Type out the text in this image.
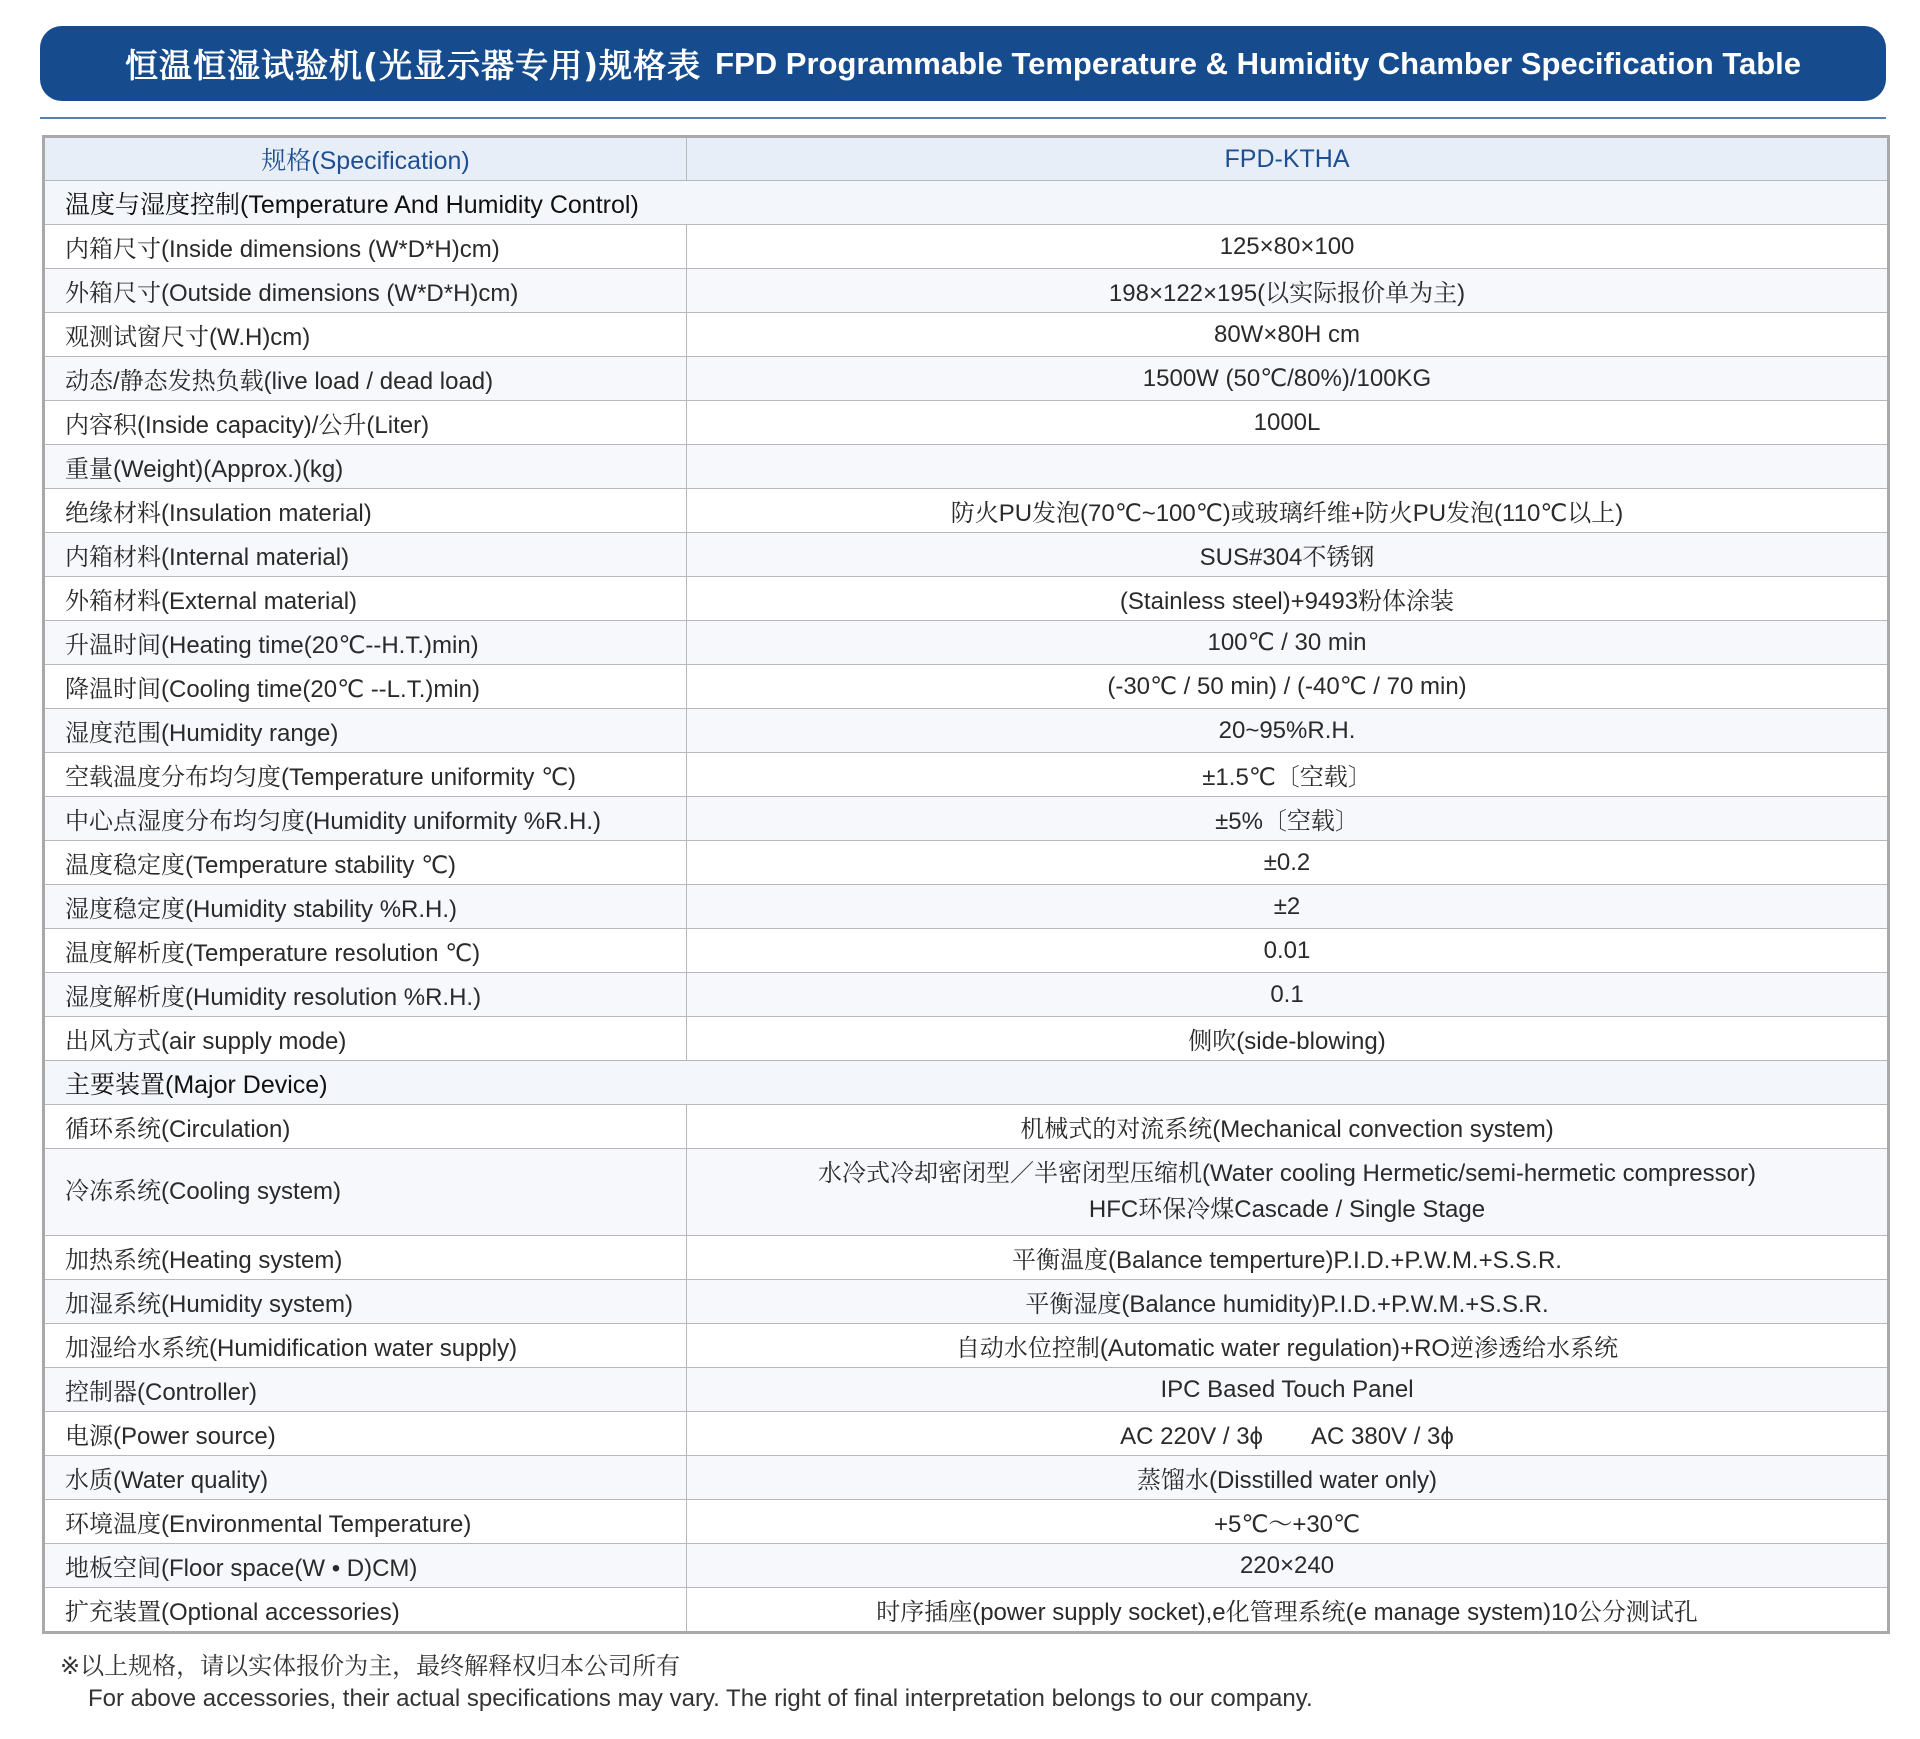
恒温恒湿试验机(光显示器专用)规格表 FPD Programmable Temperature & Humidity Chamber Specification Table
规格(Specification)	FPD-KTHA
温度与湿度控制(Temperature And Humidity Control)	
内箱尺寸(Inside dimensions (W*D*H)cm)	125×80×100
外箱尺寸(Outside dimensions (W*D*H)cm)	198×122×195(以实际报价单为主)
观测试窗尺寸(W.H)cm)	80W×80H cm
动态/静态发热负载(live load / dead load)	1500W (50℃/80%)/100KG
内容积(Inside capacity)/公升(Liter)	1000L
重量(Weight)(Approx.)(kg)	
绝缘材料(Insulation material)	防火PU发泡(70℃~100℃)或玻璃纤维+防火PU发泡(110℃以上)
内箱材料(Internal material)	SUS#304不锈钢
外箱材料(External material)	(Stainless steel)+9493粉体涂装
升温时间(Heating time(20℃--H.T.)min)	100℃ / 30 min
降温时间(Cooling time(20℃ --L.T.)min)	(-30℃ / 50 min) / (-40℃ / 70 min)
湿度范围(Humidity range)	20~95%R.H.
空载温度分布均匀度(Temperature uniformity ℃)	±1.5℃〔空载〕
中心点湿度分布均匀度(Humidity uniformity %R.H.)	±5%〔空载〕
温度稳定度(Temperature stability ℃)	±0.2
湿度稳定度(Humidity stability %R.H.)	±2
温度解析度(Temperature resolution ℃)	0.01
湿度解析度(Humidity resolution %R.H.)	0.1
出风方式(air supply mode)	侧吹(side-blowing)
主要装置(Major Device)	
循环系统(Circulation)	机械式的对流系统(Mechanical convection system)
冷冻系统(Cooling system)	水冷式冷却密闭型／半密闭型压缩机(Water cooling Hermetic/semi-hermetic compressor)
HFC环保冷煤Cascade / Single Stage

加热系统(Heating system)	平衡温度(Balance temperture)P.I.D.+P.W.M.+S.S.R.
加湿系统(Humidity system)	平衡湿度(Balance humidity)P.I.D.+P.W.M.+S.S.R.
加湿给水系统(Humidification water supply)	自动水位控制(Automatic water regulation)+RO逆渗透给水系统
控制器(Controller)	IPC Based Touch Panel
电源(Power source)	AC 220V / 3ϕ　　AC 380V / 3ϕ
水质(Water quality)	蒸馏水(Disstilled water only)
环境温度(Environmental Temperature)	+5℃～+30℃
地板空间(Floor space(W • D)CM)	220×240
扩充装置(Optional accessories)	时序插座(power supply socket),e化管理系统(e manage system)10公分测试孔
※以上规格，请以实体报价为主，最终解释权归本公司所有
For above accessories, their actual specifications may vary. The right of final interpretation belongs to our company.
